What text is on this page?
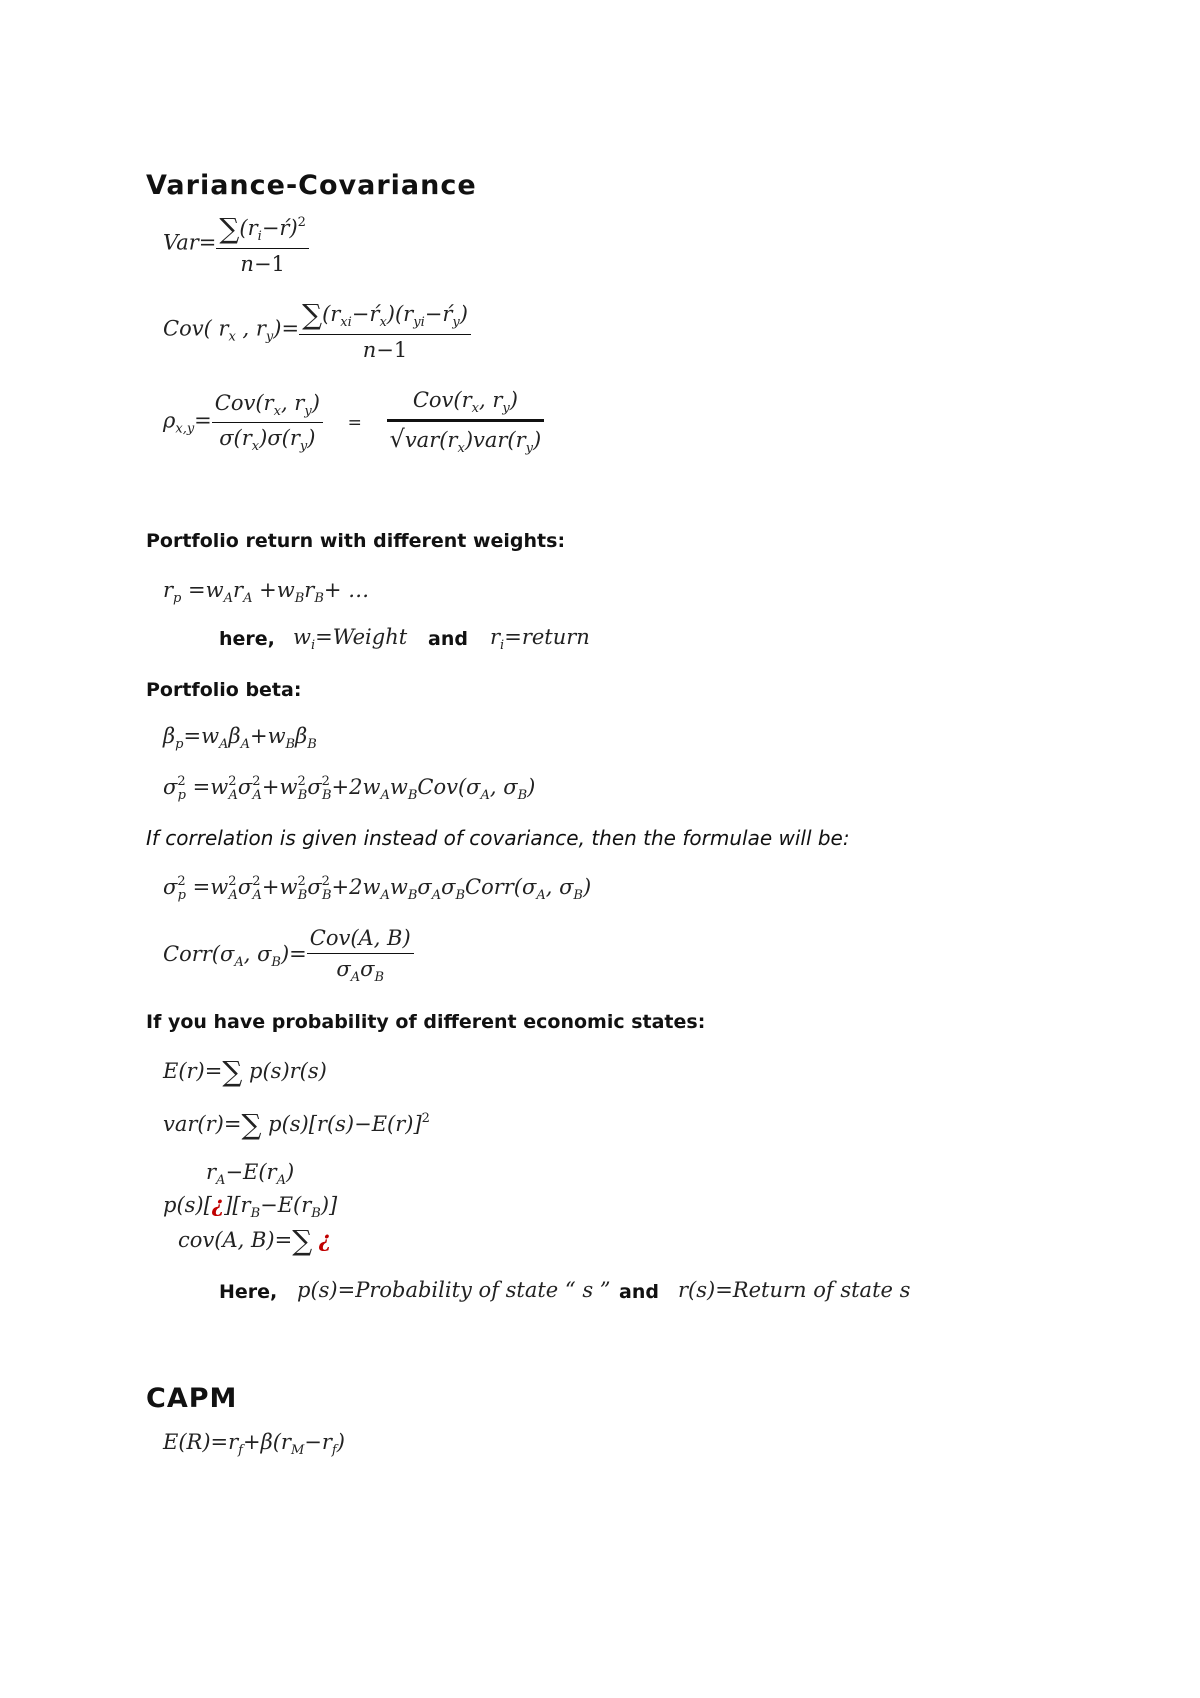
Variance-Covariance
$Var= \frac{\sum(r_i-ŕ)^2}{n-1}$
Cov( $r_x$ , $r_y)= \frac{\sum(r_{xi}-ŕ_x)(r_{yi}-ŕ_y)}{n-1}$
$\rho_{x,y}= \frac{Cov(r_x, r_y)}{\sigma(r_x)\sigma(r_y)} = \frac{Cov(r_x, r_y)}{√var(r_x)var(r_y)}$
Portfolio return with different weights:
$r_p =w_Ar_A +w_Br_B+$ …
here, $w_i=Weight$ and $r_i=return$
Portfolio beta:
$\beta_p=w_A\beta_A+w_B\beta_B$
$\sigma^2_p =w^2_A\sigma^2_A+w^2_B\sigma^2_B+2w_Aw_BCov(\sigma_A$, $\sigma_B$)
If correlation is given instead of covariance, then the formulae will be:
$\sigma^2_p$ $=w^2_A\sigma^2_A+w^2_B\sigma^2_B+2w_Aw_B\sigma_A\sigma_BCorr(\sigma_A$, $\sigma_B$)
$Corr(\sigma_A$, $\sigma_B)= \frac{\text{Cov(A, B)}}{\sigma_A\sigma_B}$
If you have probability of different economic states:
E(r)=∑ p(s)r(s)
var(r)=∑ $p(s)[r(s)-E(r)]^2$
$r_A-E(r_A)$
$p(s)[¿][r_B-E(r_B)]$
cov(A, B)=∑ ¿
Here, p(s)=Probability of state “ s ” and r(s)=Return of state s
CAPM
$E(R)=r_f+\beta(r_M-r_f)$
